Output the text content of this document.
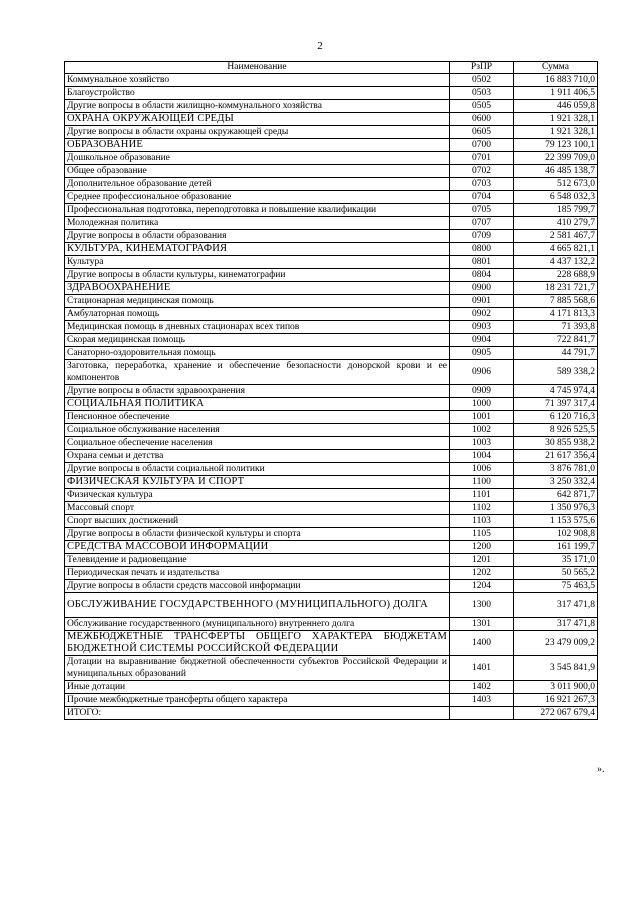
2
Наименование	РзПР	Сумма
Коммунальное хозяйство	0502	16 883 710,0
Благоустройство	0503	1 911 406,5
Другие вопросы в области жилищно-коммунального хозяйства	0505	446 059,8
ОХРАНА ОКРУЖАЮЩЕЙ СРЕДЫ	0600	1 921 328,1
Другие вопросы в области охраны окружающей среды	0605	1 921 328,1
ОБРАЗОВАНИЕ	0700	79 123 100,1
Дошкольное образование	0701	22 399 709,0
Общее образование	0702	46 485 138,7
Дополнительное образование детей	0703	512 673,0
Среднее профессиональное образование	0704	6 548 032,3
Профессиональная подготовка, переподготовка и повышение квалификации	0705	185 799,7
Молодежная политика	0707	410 279,7
Другие вопросы в области образования	0709	2 581 467,7
КУЛЬТУРА, КИНЕМАТОГРАФИЯ	0800	4 665 821,1
Культура	0801	4 437 132,2
Другие вопросы в области культуры, кинематографии	0804	228 688,9
ЗДРАВООХРАНЕНИЕ	0900	18 231 721,7
Стационарная медицинская помощь	0901	7 885 568,6
Амбулаторная помощь	0902	4 171 813,3
Медицинская помощь в дневных стационарах всех типов	0903	71 393,8
Скорая медицинская помощь	0904	722 841,7
Санаторно-оздоровительная помощь	0905	44 791,7
Заготовка, переработка, хранение и обеспечение безопасности донорской крови и ее компонентов	0906	589 338,2
Другие вопросы в области здравоохранения	0909	4 745 974,4
СОЦИАЛЬНАЯ ПОЛИТИКА	1000	71 397 317,4
Пенсионное обеспечение	1001	6 120 716,3
Социальное обслуживание населения	1002	8 926 525,5
Социальное обеспечение населения	1003	30 855 938,2
Охрана семьи и детства	1004	21 617 356,4
Другие вопросы в области социальной политики	1006	3 876 781,0
ФИЗИЧЕСКАЯ КУЛЬТУРА И СПОРТ	1100	3 250 332,4
Физическая культура	1101	642 871,7
Массовый спорт	1102	1 350 976,3
Спорт высших достижений	1103	1 153 575,6
Другие вопросы в области физической культуры и спорта	1105	102 908,8
СРЕДСТВА МАССОВОЙ ИНФОРМАЦИИ	1200	161 199,7
Телевидение и радиовещание	1201	35 171,0
Периодическая печать и издательства	1202	50 565,2
Другие вопросы в области средств массовой информации	1204	75 463,5
ОБСЛУЖИВАНИЕ ГОСУДАРСТВЕННОГО (МУНИЦИПАЛЬНОГО) ДОЛГА	1300	317 471,8
Обслуживание государственного (муниципального) внутреннего долга	1301	317 471,8
МЕЖБЮДЖЕТНЫЕ ТРАНСФЕРТЫ ОБЩЕГО ХАРАКТЕРА БЮДЖЕТАМ БЮДЖЕТНОЙ СИСТЕМЫ РОССИЙСКОЙ ФЕДЕРАЦИИ	1400	23 479 009,2
Дотации на выравнивание бюджетной обеспеченности субъектов Российской Федерации и муниципальных образований	1401	3 545 841,9
Иные дотации	1402	3 011 900,0
Прочие межбюджетные трансферты общего характера	1403	16 921 267,3
ИТОГО:		272 067 679,4
».
